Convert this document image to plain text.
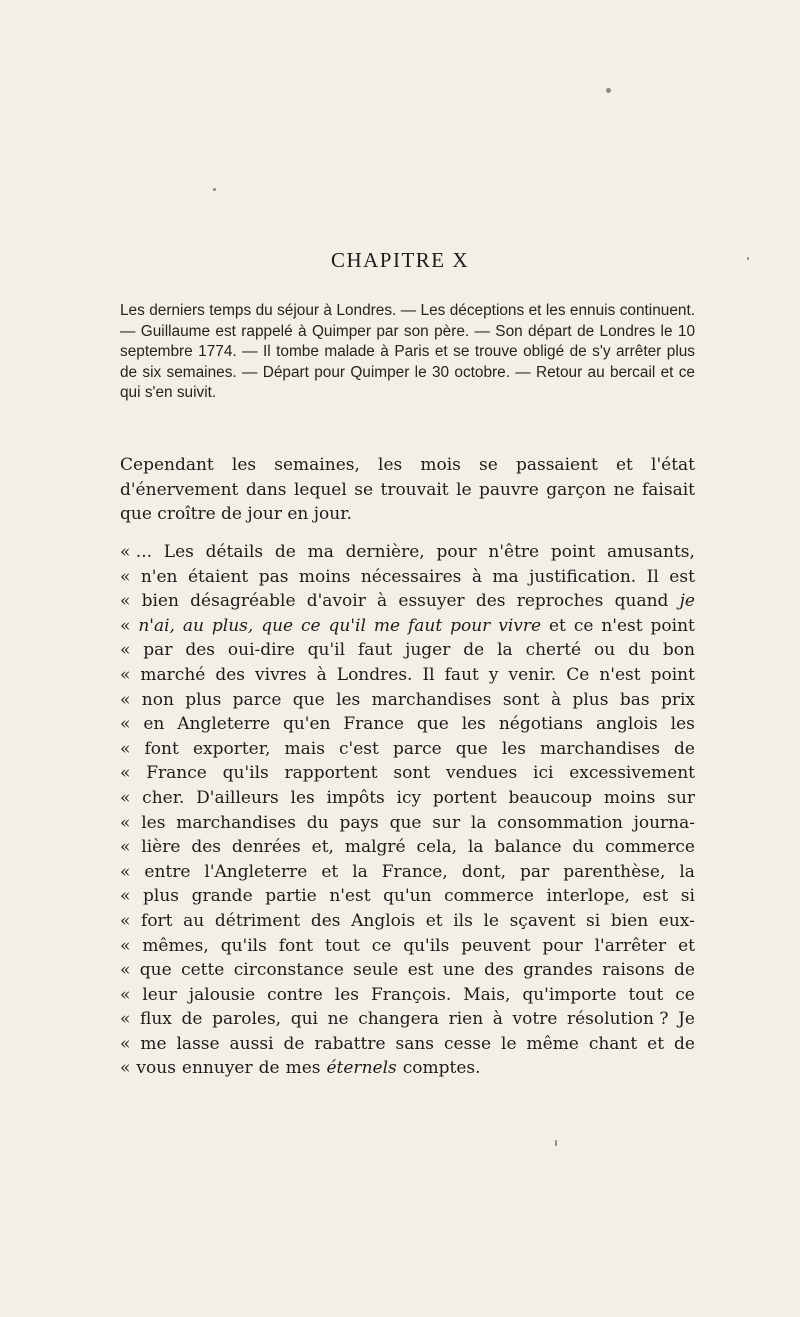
CHAPITRE X

Les derniers temps du séjour à Londres. — Les déceptions et les ennuis continuent. — Guillaume est rappelé à Quimper par son père. — Son départ de Londres le 10 septembre 1774. — Il tombe malade à Paris et se trouve obligé de s'y arrêter plus de six semaines. — Départ pour Quimper le 30 octobre. — Retour au bercail et ce qui s'en suivit.

Cependant les semaines, les mois se passaient et l'état d'énervement dans lequel se trouvait le pauvre garçon ne faisait que croître de jour en jour.

« ... Les détails de ma dernière, pour n'être point amusants,
« n'en étaient pas moins nécessaires à ma justification. Il est
« bien désagréable d'avoir à essuyer des reproches quand je
« n'ai, au plus, que ce qu'il me faut pour vivre et ce n'est point
« par des oui-dire qu'il faut juger de la cherté ou du bon
« marché des vivres à Londres. Il faut y venir. Ce n'est point
« non plus parce que les marchandises sont à plus bas prix
« en Angleterre qu'en France que les négotians anglois les
« font exporter, mais c'est parce que les marchandises de
« France qu'ils rapportent sont vendues ici excessivement
« cher. D'ailleurs les impôts icy portent beaucoup moins sur
« les marchandises du pays que sur la consommation journa-
« lière des denrées et, malgré cela, la balance du commerce
« entre l'Angleterre et la France, dont, par parenthèse, la
« plus grande partie n'est qu'un commerce interlope, est si
« fort au détriment des Anglois et ils le sçavent si bien eux-
« mêmes, qu'ils font tout ce qu'ils peuvent pour l'arrêter et
« que cette circonstance seule est une des grandes raisons de
« leur jalousie contre les François. Mais, qu'importe tout ce
« flux de paroles, qui ne changera rien à votre résolution ? Je
« me lasse aussi de rabattre sans cesse le même chant et de
« vous ennuyer de mes éternels comptes.
